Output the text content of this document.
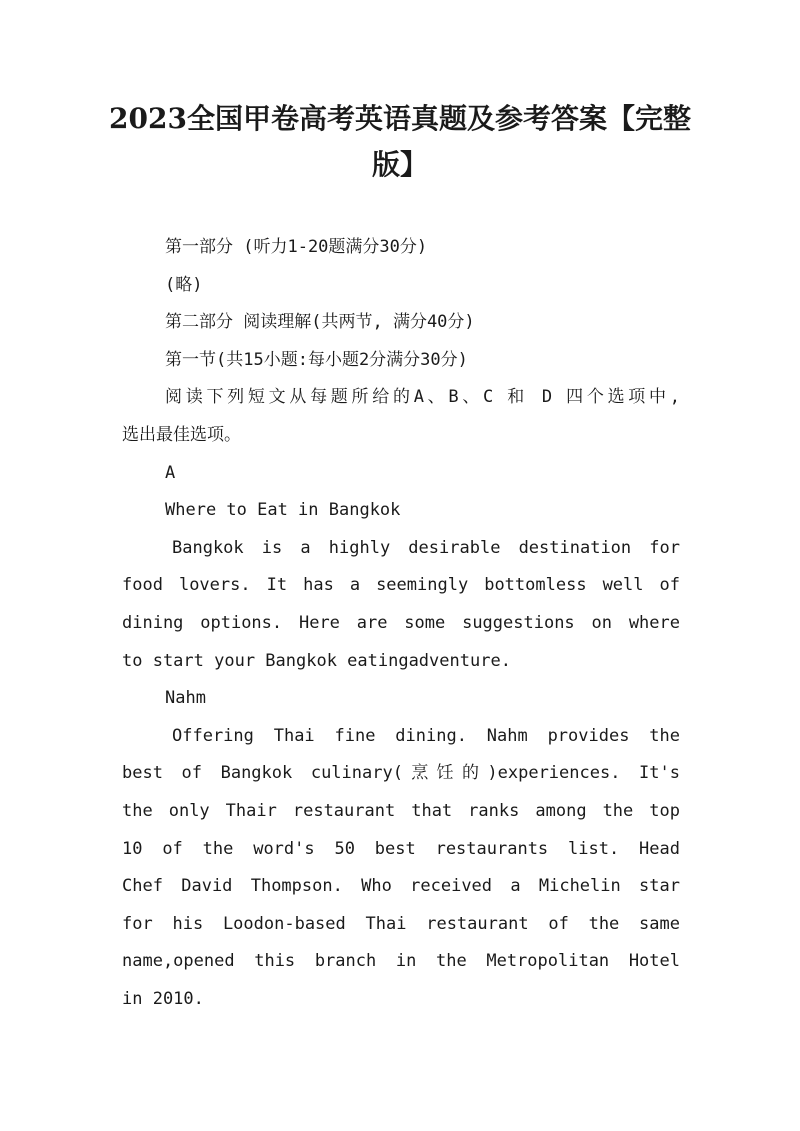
2023全国甲卷高考英语真题及参考答案【完整版】

第一部分 (听力1-20题满分30分)

(略)

第二部分 阅读理解(共两节, 满分40分)

第一节(共15小题:每小题2分满分30分)

阅读下列短文从每题所给的A、B、C 和 D 四个选项中,

选出最佳选项。

A

Where to Eat in Bangkok

Bangkok is a highly desirable destination for

food lovers. It has a seemingly bottomless well of

dining options. Here are some suggestions on where

to start your Bangkok eatingadventure.

Nahm

Offering Thai fine dining. Nahm provides the

best of Bangkok culinary(烹饪的)experiences. It's

the only Thair restaurant that ranks among the top

10 of the word's 50 best restaurants list. Head

Chef David Thompson. Who received a Michelin star

for his Loodon-based Thai restaurant of the same

name,opened this branch in the Metropolitan Hotel

in 2010.
